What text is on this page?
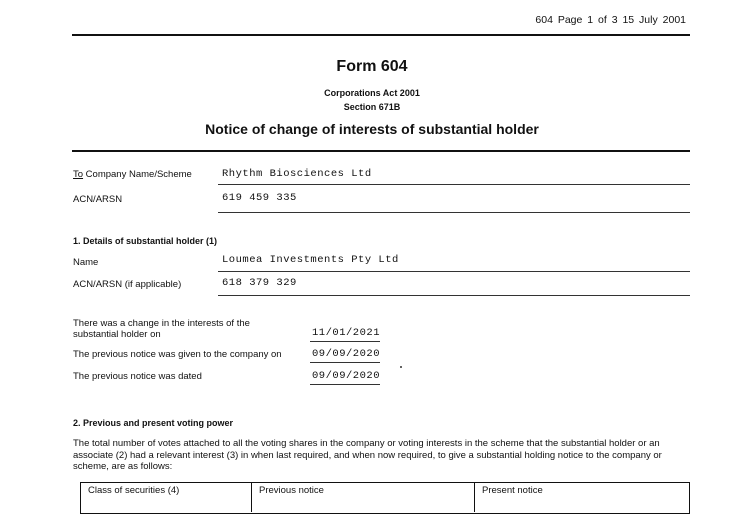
604 Page 1 of 3 15 July 2001
Form 604
Corporations Act 2001
Section 671B
Notice of change of interests of substantial holder
To Company Name/Scheme	Rhythm Biosciences Ltd
ACN/ARSN	619 459 335
1. Details of substantial holder (1)
Name	Loumea Investments Pty Ltd
ACN/ARSN (if applicable)	618 379 329
There was a change in the interests of the
substantial holder on	11/01/2021
The previous notice was given to the company on	09/09/2020
The previous notice was dated	09/09/2020
2. Previous and present voting power
The total number of votes attached to all the voting shares in the company or voting interests in the scheme that the substantial holder or an associate (2) had a relevant interest (3) in when last required, and when now required, to give a substantial holding notice to the company or scheme, are as follows:
Class of securities (4)	Previous notice	Present notice
